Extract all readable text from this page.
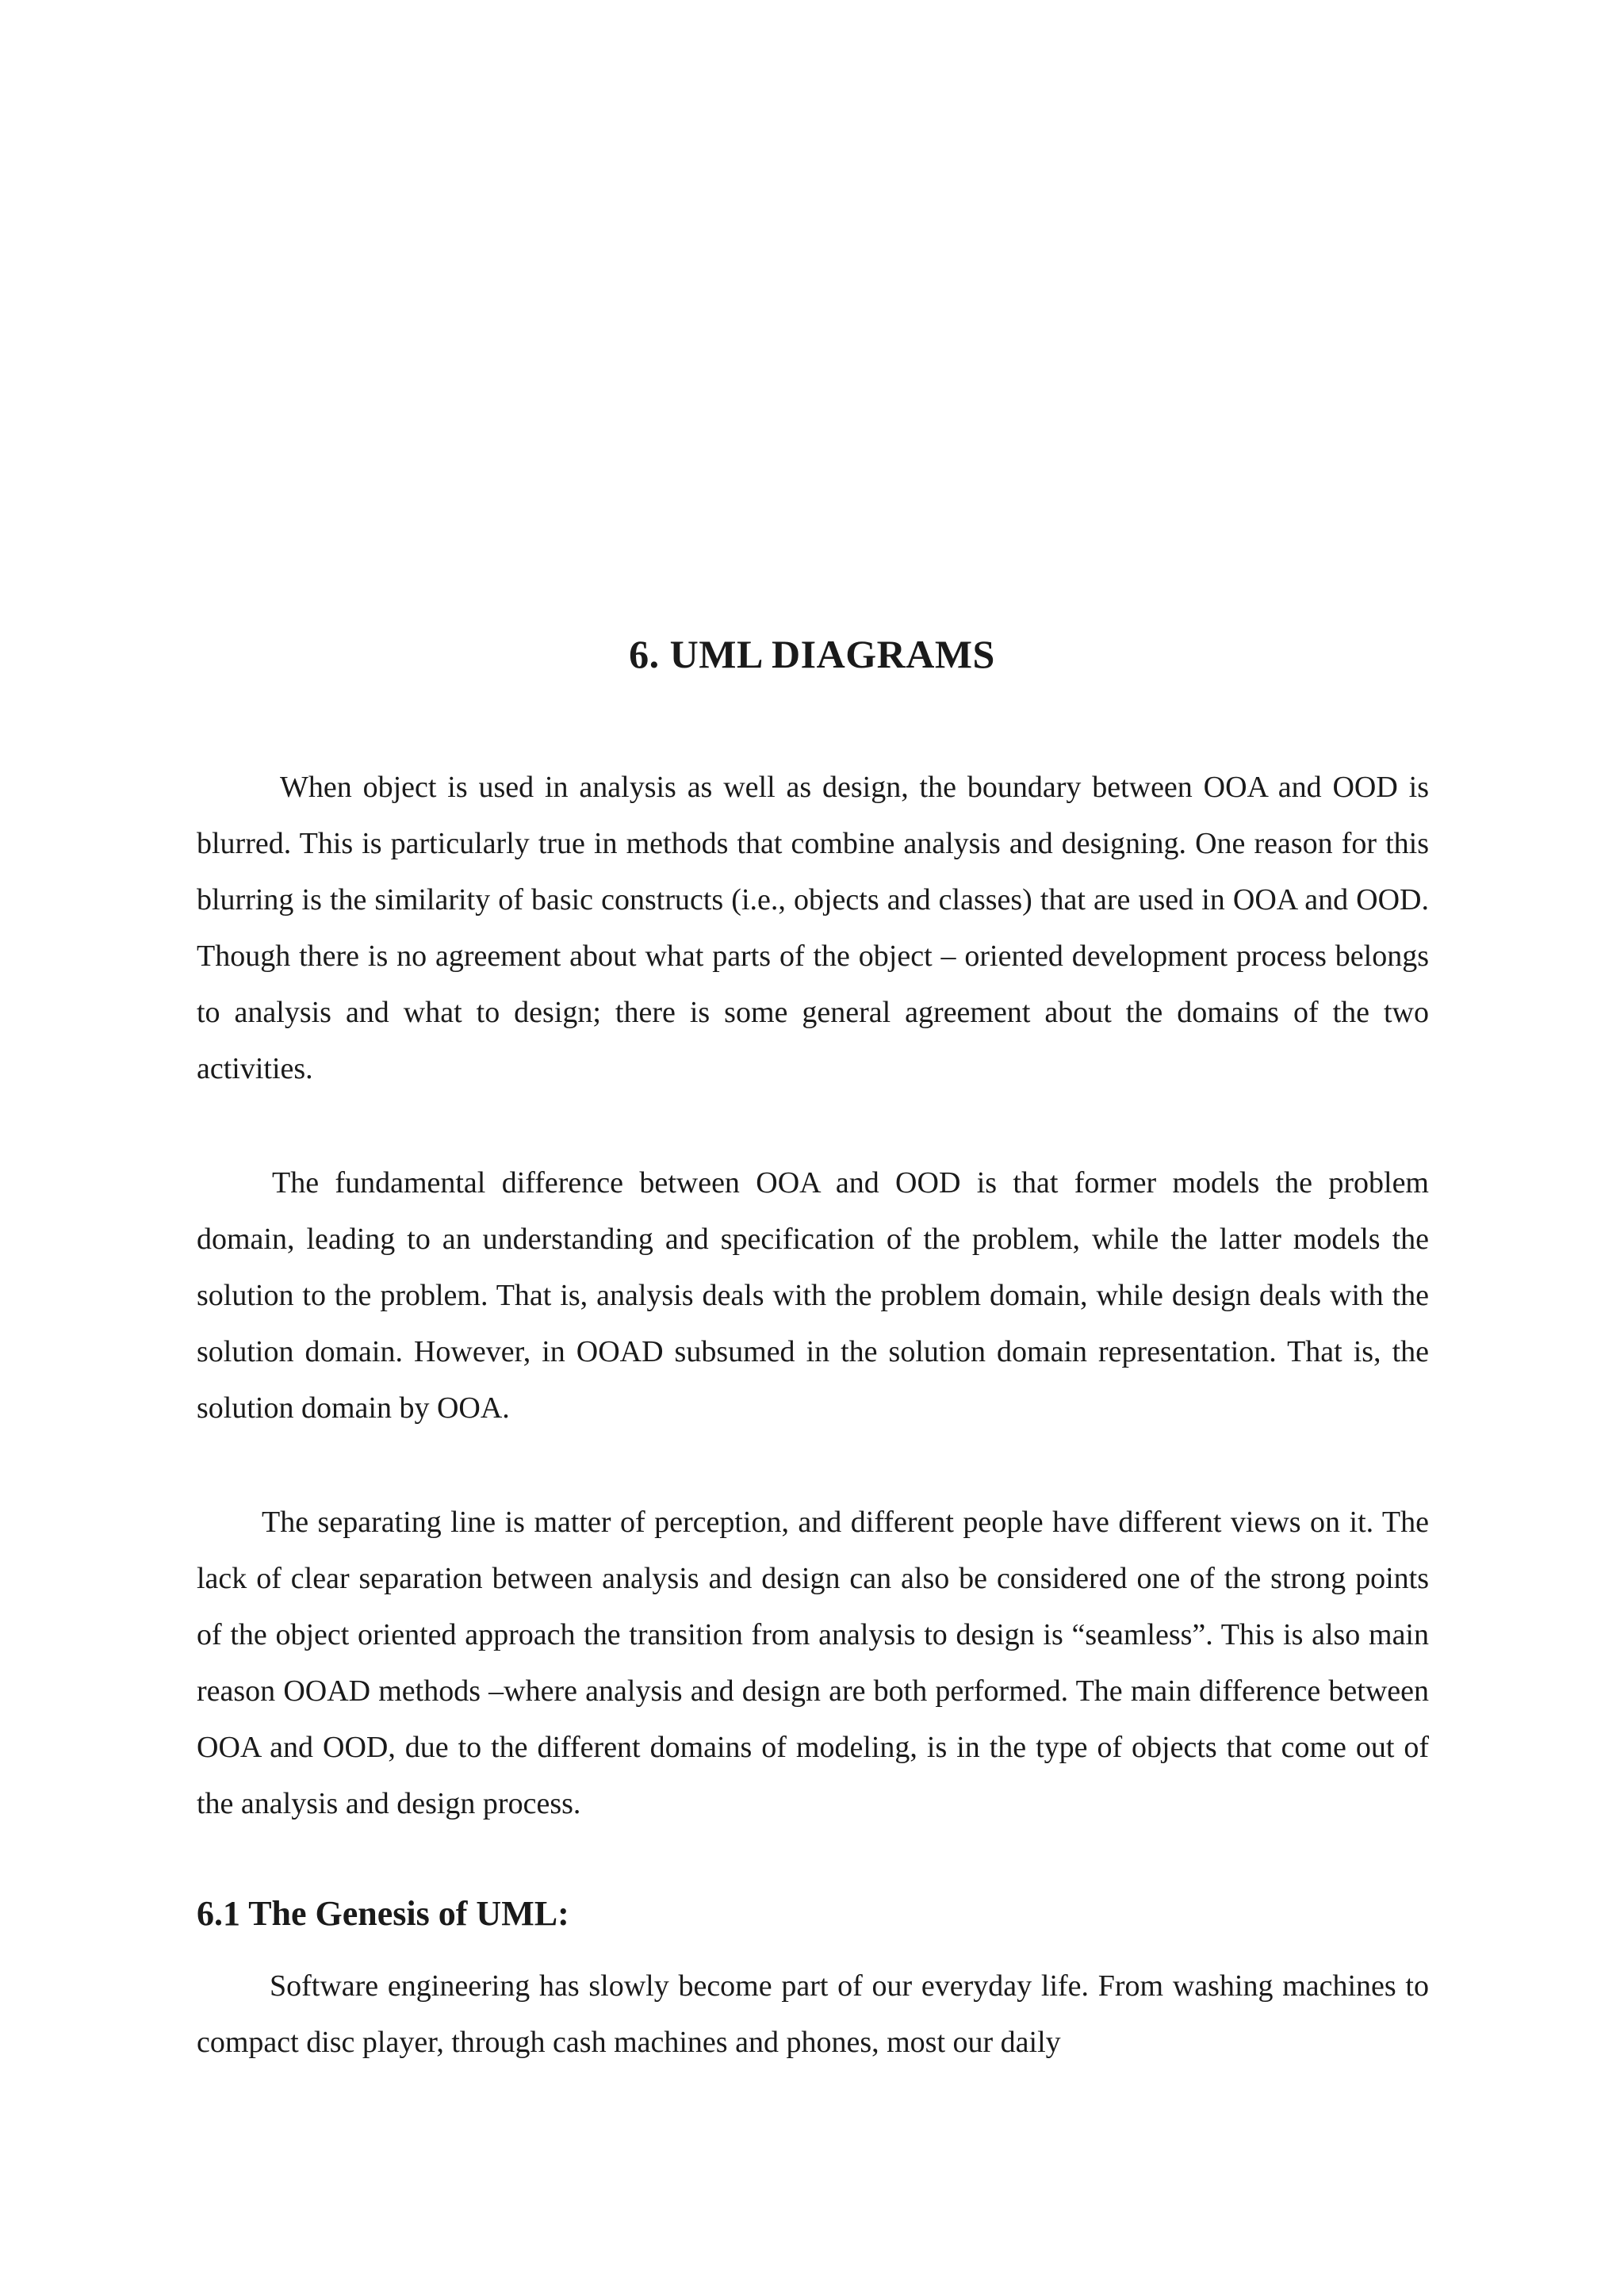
6. UML DIAGRAMS

When object is used in analysis as well as design, the boundary between OOA and OOD is blurred. This is particularly true in methods that combine analysis and designing. One reason for this blurring is the similarity of basic constructs (i.e., objects and classes) that are used in OOA and OOD. Though there is no agreement about what parts of the object – oriented development process belongs to analysis and what to design; there is some general agreement about the domains of the two activities.

The fundamental difference between OOA and OOD is that former models the problem domain, leading to an understanding and specification of the problem, while the latter models the solution to the problem. That is, analysis deals with the problem domain, while design deals with the solution domain. However, in OOAD subsumed in the solution domain representation. That is, the solution domain by OOA.

The separating line is matter of perception, and different people have different views on it. The lack of clear separation between analysis and design can also be considered one of the strong points of the object oriented approach the transition from analysis to design is “seamless”. This is also main reason OOAD methods –where analysis and design are both performed. The main difference between OOA and OOD, due to the different domains of modeling, is in the type of objects that come out of the analysis and design process.

6.1 The Genesis of UML:

Software engineering has slowly become part of our everyday life. From washing machines to compact disc player, through cash machines and phones, most our daily
